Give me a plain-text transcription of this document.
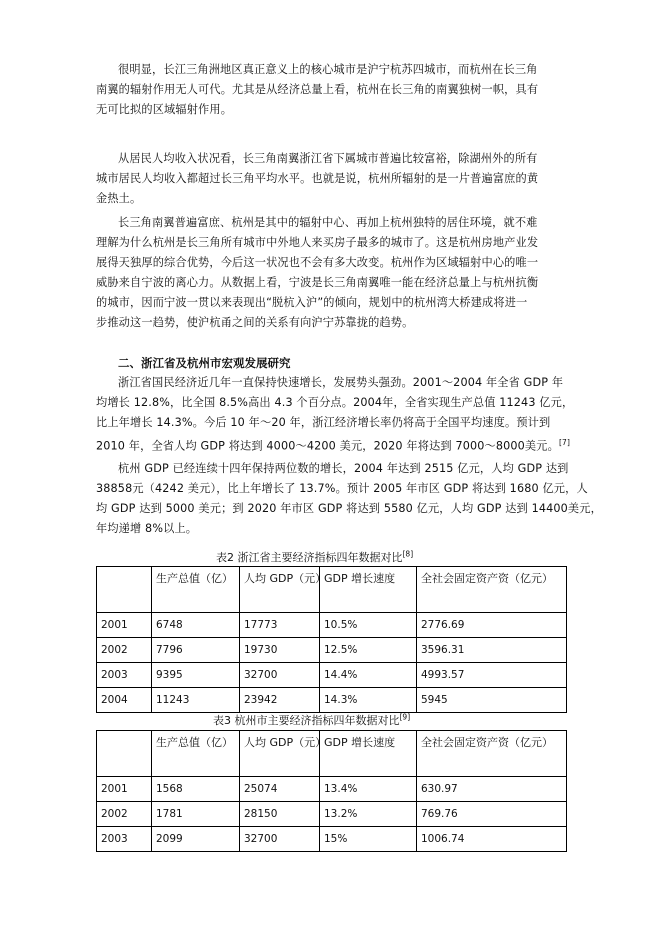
很明显，长江三角洲地区真正意义上的核心城市是沪宁杭苏四城市，而杭州在长三角
南翼的辐射作用无人可代。尤其是从经济总量上看，杭州在长三角的南翼独树一帜，具有
无可比拟的区域辐射作用。

从居民人均收入状况看，长三角南翼浙江省下属城市普遍比较富裕，除湖州外的所有
城市居民人均收入都超过长三角平均水平。也就是说，杭州所辐射的是一片普遍富庶的黄
金热土。

长三角南翼普遍富庶、杭州是其中的辐射中心、再加上杭州独特的居住环境，就不难
理解为什么杭州是长三角所有城市中外地人来买房子最多的城市了。这是杭州房地产业发
展得天独厚的综合优势，今后这一状况也不会有多大改变。杭州作为区域辐射中心的唯一
威胁来自宁波的离心力。从数据上看，宁波是长三角南翼唯一能在经济总量上与杭州抗衡
的城市，因而宁波一贯以来表现出“脱杭入沪”的倾向，规划中的杭州湾大桥建成将进一
步推动这一趋势，使沪杭甬之间的关系有向沪宁苏靠拢的趋势。

二、浙江省及杭州市宏观发展研究

浙江省国民经济近几年一直保持快速增长，发展势头强劲。2001～2004 年全省 GDP 年
均增长 12.8%，比全国 8.5%高出 4.3 个百分点。2004年，全省实现生产总值 11243 亿元，
比上年增长 14.3%。今后 10 年～20 年，浙江经济增长率仍将高于全国平均速度。预计到
2010 年，全省人均 GDP 将达到 4000～4200 美元，2020 年将达到 7000～8000美元。[7]

杭州 GDP 已经连续十四年保持两位数的增长，2004 年达到 2515 亿元，人均 GDP 达到
38858元（4242 美元），比上年增长了 13.7%。预计 2005 年市区 GDP 将达到 1680 亿元，人
均 GDP 达到 5000 美元；到 2020 年市区 GDP 将达到 5580 亿元，人均 GDP 达到 14400美元，
年均递增 8%以上。

表2 浙江省主要经济指标四年数据对比[8]
	生产总值（亿）	人均 GDP（元）	GDP 增长速度	全社会固定资产资（亿元）
2001	6748	17773	10.5%	2776.69
2002	7796	19730	12.5%	3596.31
2003	9395	32700	14.4%	4993.57
2004	11243	23942	14.3%	5945
表3 杭州市主要经济指标四年数据对比[9]
	生产总值（亿）	人均 GDP（元）	GDP 增长速度	全社会固定资产资（亿元）
2001	1568	25074	13.4%	630.97
2002	1781	28150	13.2%	769.76
2003	2099	32700	15%	1006.74
